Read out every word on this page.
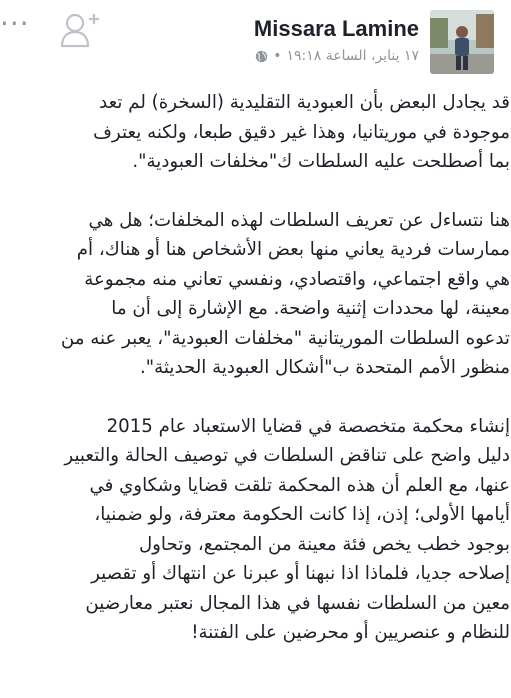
...	Missara Lamine
١٧ يناير، الساعة ١٩:١٨
•

قد يجادل البعض بأن العبودية التقليدية (السخرة) لم تعد
موجودة في موريتانيا، وهذا غير دقيق طبعا، ولكنه يعترف
بما أصطلحت عليه السلطات ك"مخلفات العبودية".

هنا نتساءل عن تعريف السلطات لهذه المخلفات؛ هل هي
ممارسات فردية يعاني منها بعض الأشخاص هنا أو هناك، أم
هي واقع اجتماعي، واقتصادي، ونفسي تعاني منه مجموعة
معينة، لها محددات إثنية واضحة. مع الإشارة إلى أن ما
تدعوه السلطات الموريتانية "مخلفات العبودية"، يعبر عنه من
منظور الأمم المتحدة ب"أشكال العبودية الحديثة".

إنشاء محكمة متخصصة في قضايا الاستعباد عام 2015
دليل واضح على تناقض السلطات في توصيف الحالة والتعبير
عنها، مع العلم أن هذه المحكمة تلقت قضايا وشكاوي في
أيامها الأولى؛ إذن، إذا كانت الحكومة معترفة، ولو ضمنيا،
بوجود خطب يخص فئة معينة من المجتمع، وتحاول
إصلاحه جديا، فلماذا اذا نبهنا أو عبرنا عن انتهاك أو تقصير
معين من السلطات نفسها في هذا المجال نعتبر معارضين
للنظام و عنصريين أو محرضين على الفتنة!
